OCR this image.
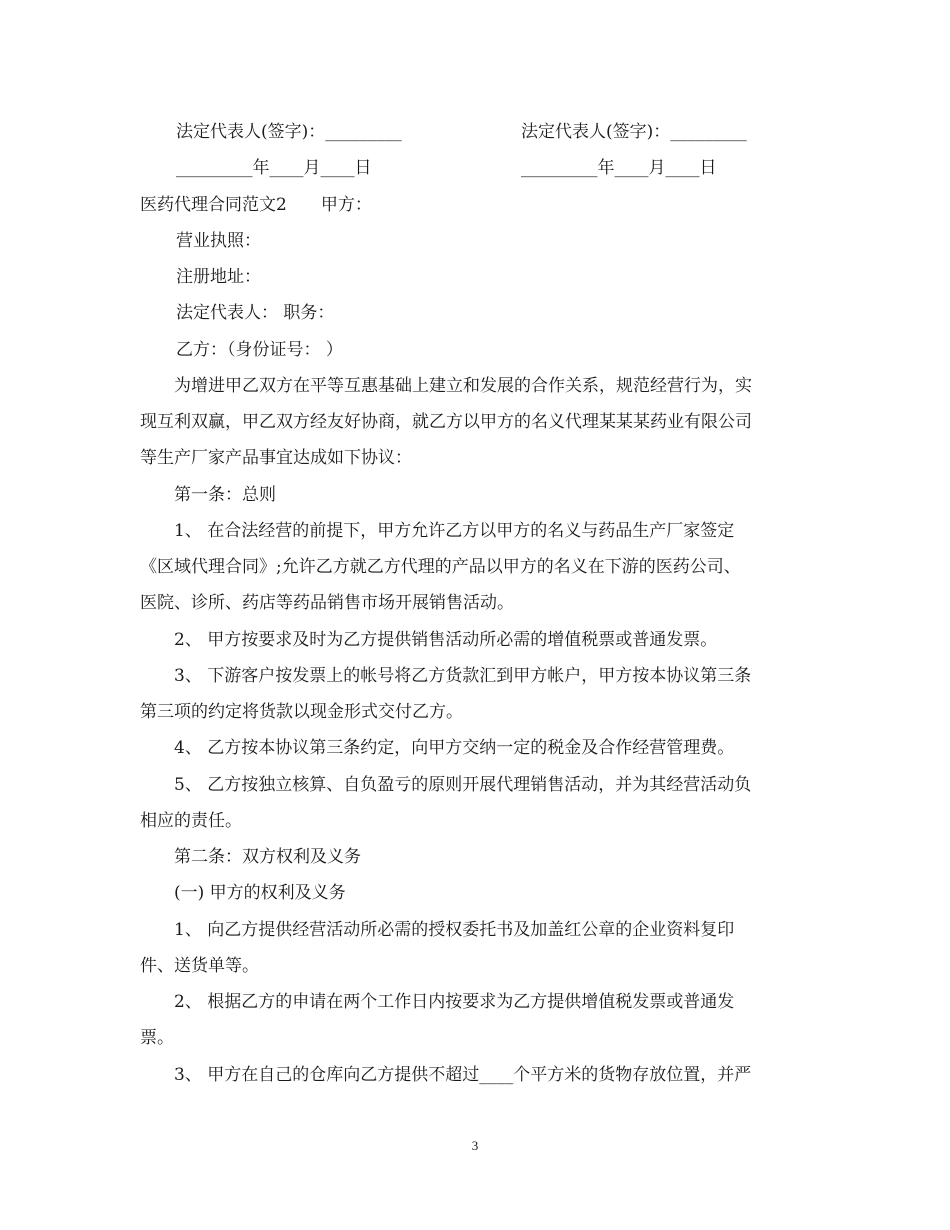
法定代表人(签字)：_________	法定代表人(签字)：_________
_________年____月____日	_________年____月____日
医药代理合同范文2　　甲方：
营业执照：
注册地址：
法定代表人： 职务：
乙方：（身份证号： ）
　　为增进甲乙双方在平等互惠基础上建立和发展的合作关系，规范经营行为，实
现互利双赢，甲乙双方经友好协商，就乙方以甲方的名义代理某某某药业有限公司
等生产厂家产品事宜达成如下协议：
　　第一条：总则
　　1、 在合法经营的前提下，甲方允许乙方以甲方的名义与药品生产厂家签定
《区域代理合同》;允许乙方就乙方代理的产品以甲方的名义在下游的医药公司、
医院、诊所、药店等药品销售市场开展销售活动。
　　2、 甲方按要求及时为乙方提供销售活动所必需的增值税票或普通发票。
　　3、 下游客户按发票上的帐号将乙方货款汇到甲方帐户，甲方按本协议第三条
第三项的约定将货款以现金形式交付乙方。
　　4、 乙方按本协议第三条约定，向甲方交纳一定的税金及合作经营管理费。
　　5、 乙方按独立核算、自负盈亏的原则开展代理销售活动，并为其经营活动负
相应的责任。
　　第二条：双方权利及义务
　　(一) 甲方的权利及义务
　　1、 向乙方提供经营活动所必需的授权委托书及加盖红公章的企业资料复印
件、送货单等。
　　2、 根据乙方的申请在两个工作日内按要求为乙方提供增值税发票或普通发
票。
　　3、 甲方在自己的仓库向乙方提供不超过____个平方米的货物存放位置，并严
3
